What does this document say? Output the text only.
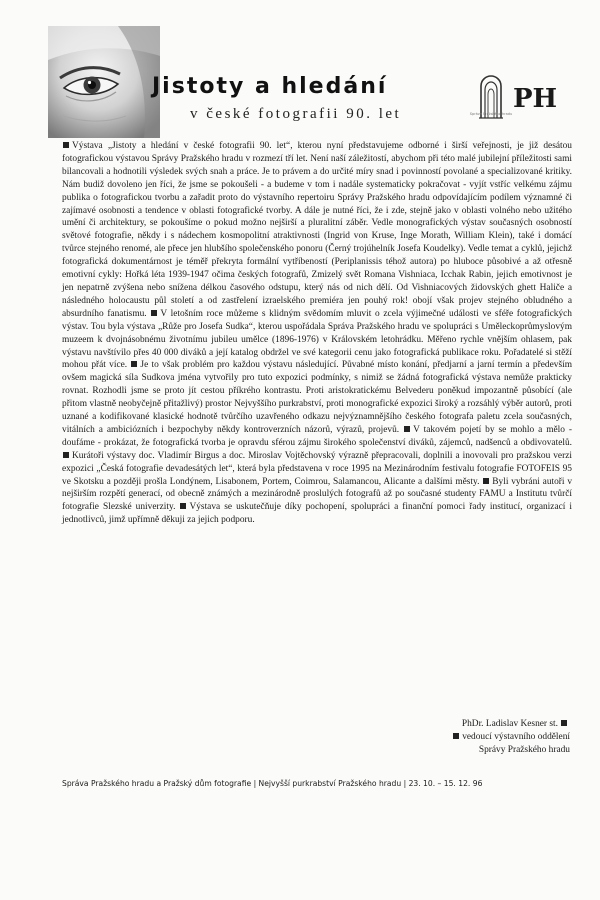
Jistoty a hledání
v české fotografii 90. let	Správa Pražského hradu PH
Výstava „Jistoty a hledání v české fotografii 90. let“, kterou nyní představujeme odborné i širší veřejnosti, je již desátou fotografickou výstavou Správy Pražského hradu v rozmezí tří let. Není naší záležitostí, abychom při této malé jubilejní příležitosti sami bilancovali a hodnotili výsledek svých snah a práce. Je to právem a do určité míry snad i povinností povolané a specializované kritiky. Nám budiž dovoleno jen říci, že jsme se pokoušeli - a budeme v tom i nadále systematicky pokračovat - vyjít vstříc velkému zájmu publika o fotografickou tvorbu a zařadit proto do výstavního repertoiru Správy Pražského hradu odpovídajícím podílem významné či zajímavé osobnosti a tendence v oblasti fotografické tvorby. A dále je nutné říci, že i zde, stejně jako v oblasti volného nebo užitého umění či architektury, se pokoušíme o pokud možno nejširší a pluralitní záběr. Vedle monografických výstav současných osobností světové fotografie, někdy i s nádechem kosmopolitní atraktivnosti (Ingrid von Kruse, Inge Morath, William Klein), také i domácí tvůrce stejného renomé, ale přece jen hlubšího společenského ponoru (Černý trojúhelník Josefa Koudelky). Vedle temat a cyklů, jejichž fotografická dokumentárnost je téměř překryta formální vytříbeností (Periplanissis téhož autora) po hluboce působivé a až otřesně emotivní cykly: Hořká léta 1939-1947 očima českých fotografů, Zmizelý svět Romana Vishniaca, Icchak Rabin, jejich emotivnost je jen nepatrně zvýšena nebo snížena délkou časového odstupu, který nás od nich dělí. Od Vishniacových židovských ghett Haliče a následného holocaustu půl století a od zastřelení izraelského premiéra jen pouhý rok! obojí však projev stejného obludného a absurdního fanatismu. V letošním roce můžeme s klidným svědomím mluvit o zcela výjimečné události ve sféře fotografických výstav. Tou byla výstava „Růže pro Josefa Sudka“, kterou uspořádala Správa Pražského hradu ve spolupráci s Uměleckoprůmyslovým muzeem k dvojnásobnému životnímu jubileu umělce (1896-1976) v Královském letohrádku. Měřeno rychle vnějším ohlasem, pak výstavu navštívilo přes 40 000 diváků a její katalog obdržel ve své kategorii cenu jako fotografická publikace roku. Pořadatelé si stěží mohou přát více. Je to však problém pro každou výstavu následující. Půvabné místo konání, předjarní a jarní termín a především ovšem magická síla Sudkova jména vytvořily pro tuto expozici podmínky, s nimiž se žádná fotografická výstava nemůže prakticky rovnat. Rozhodli jsme se proto jít cestou příkrého kontrastu. Proti aristokratickému Belvederu poněkud impozantně působící (ale přitom vlastně neobyčejně přitažlivý) prostor Nejvyššího purkrabství, proti monografické expozici široký a rozsáhlý výběr autorů, proti uznané a kodifikované klasické hodnotě tvůrčího uzavřeného odkazu nejvýznamnějšího českého fotografa paletu zcela současných, vitálních a ambiciózních i bezpochyby někdy kontroverzních názorů, výrazů, projevů. V takovém pojetí by se mohlo a mělo - doufáme - prokázat, že fotografická tvorba je opravdu sférou zájmu širokého společenství diváků, zájemců, nadšenců a obdivovatelů. Kurátoři výstavy doc. Vladimír Birgus a doc. Miroslav Vojtěchovský výrazně přepracovali, doplnili a inovovali pro pražskou verzi expozici „Česká fotografie devadesátých let“, která byla představena v roce 1995 na Mezinárodním festivalu fotografie FOTOFEIS 95 ve Skotsku a později prošla Londýnem, Lisabonem, Portem, Coimrou, Salamancou, Alicante a dalšími městy. Byli vybráni autoři v nejširším rozpětí generací, od obecně známých a mezinárodně proslulých fotografů až po současné studenty FAMU a Institutu tvůrčí fotografie Slezské univerzity. Výstava se uskutečňuje díky pochopení, spolupráci a finanční pomoci řady institucí, organizací i jednotlivců, jimž upřímně děkuji za jejich podporu.
PhDr. Ladislav Kesner st.
vedoucí výstavního oddělení
Správy Pražského hradu
Správa Pražského hradu a Pražský dům fotografie | Nejvyšší purkrabství Pražského hradu | 23. 10. – 15. 12. 96
